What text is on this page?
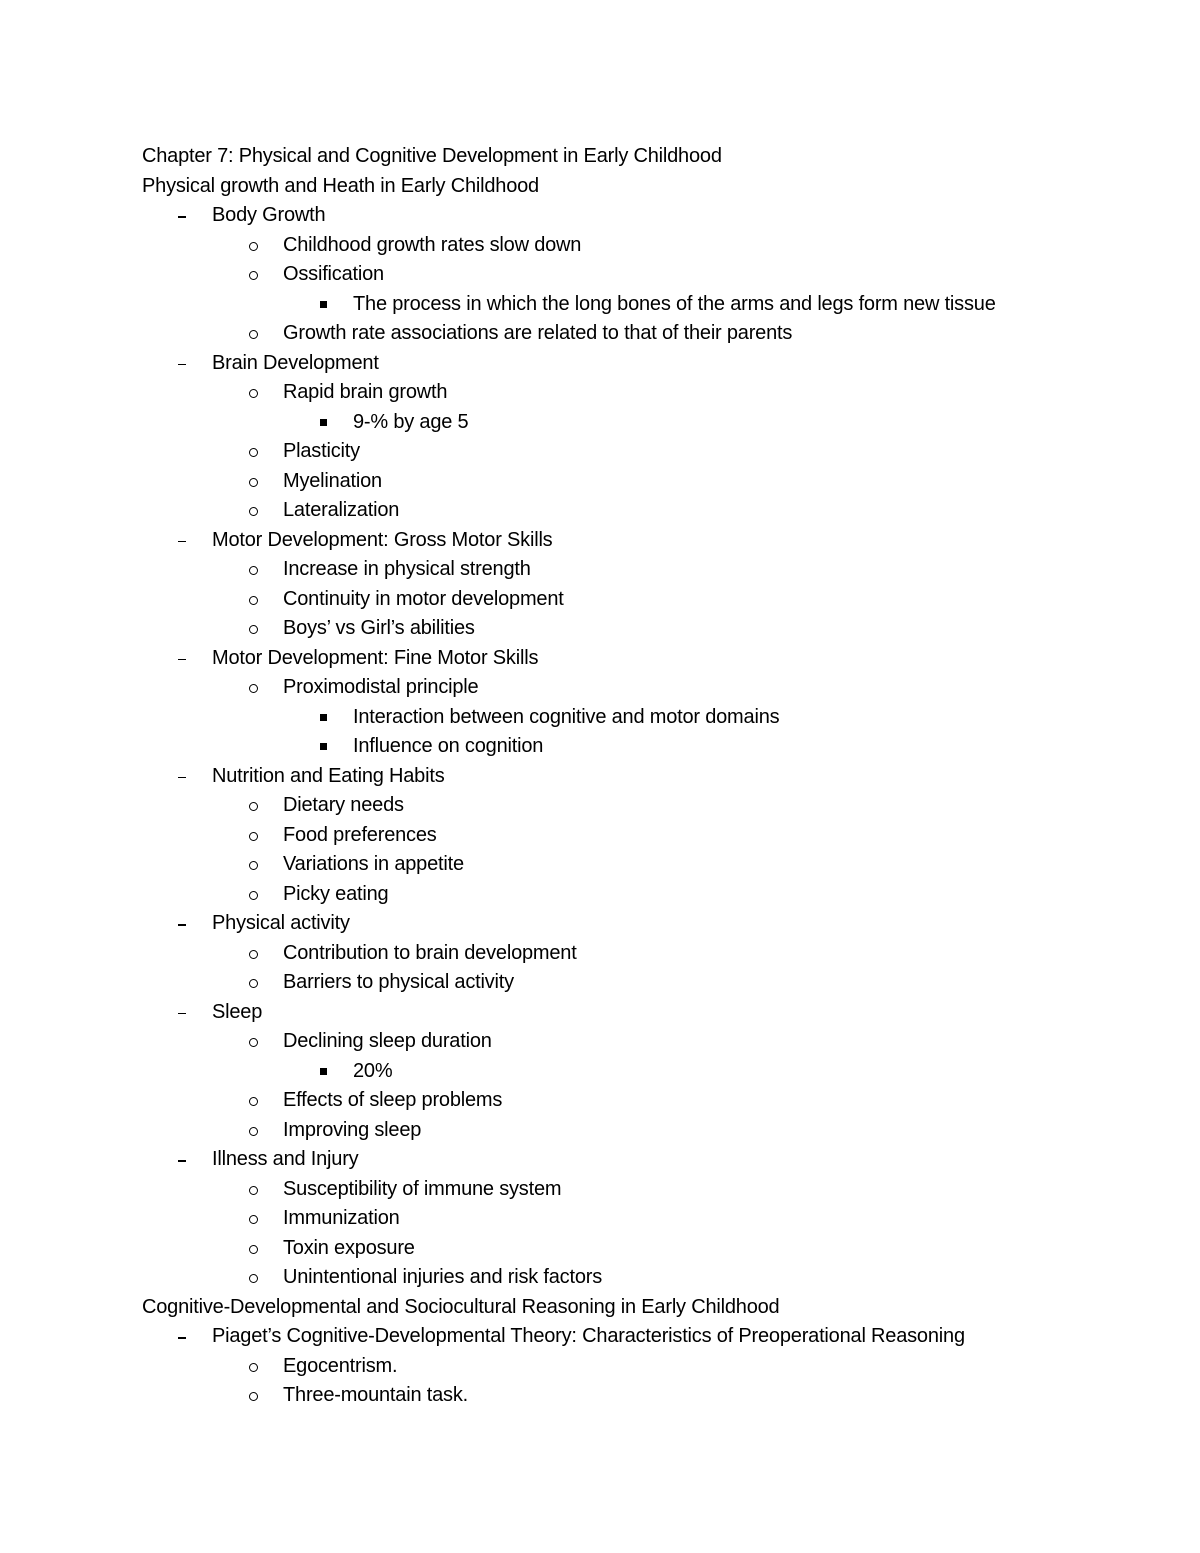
Chapter 7: Physical and Cognitive Development in Early Childhood
Physical growth and Heath in Early Childhood
Body Growth
Childhood growth rates slow down
Ossification
The process in which the long bones of the arms and legs form new tissue
Growth rate associations are related to that of their parents
Brain Development
Rapid brain growth
9-% by age 5
Plasticity
Myelination
Lateralization
Motor Development: Gross Motor Skills
Increase in physical strength
Continuity in motor development
Boys’ vs Girl’s abilities
Motor Development: Fine Motor Skills
Proximodistal principle
Interaction between cognitive and motor domains
Influence on cognition
Nutrition and Eating Habits
Dietary needs
Food preferences
Variations in appetite
Picky eating
Physical activity
Contribution to brain development
Barriers to physical activity
Sleep
Declining sleep duration
20%
Effects of sleep problems
Improving sleep
Illness and Injury
Susceptibility of immune system
Immunization
Toxin exposure
Unintentional injuries and risk factors
Cognitive-Developmental and Sociocultural Reasoning in Early Childhood
Piaget’s Cognitive-Developmental Theory: Characteristics of Preoperational Reasoning
Egocentrism.
Three-mountain task.
